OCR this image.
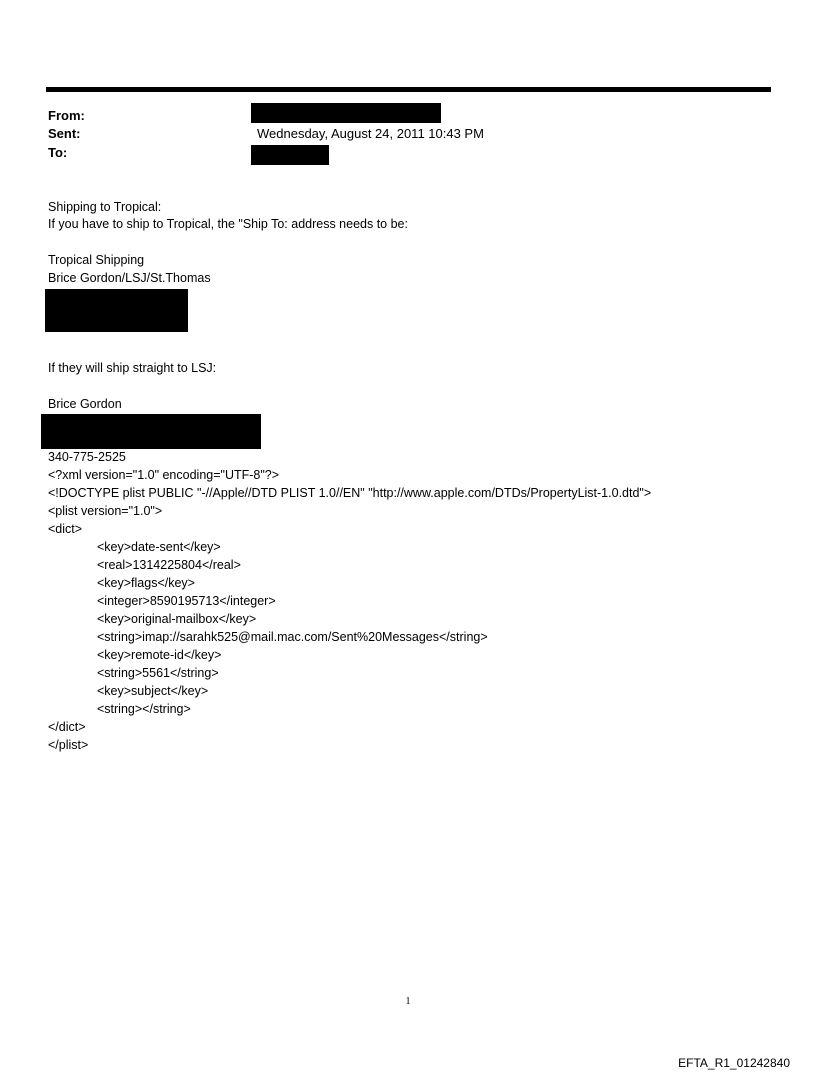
From:
Sent:	Wednesday, August 24, 2011 10:43 PM
To:
Shipping to Tropical:
If you have to ship to Tropical, the "Ship To: address needs to be:
Tropical Shipping
Brice Gordon/LSJ/St.Thomas
If they will ship straight to LSJ:
Brice Gordon
340-775-2525
<?xml version="1.0" encoding="UTF-8"?>
<!DOCTYPE plist PUBLIC "-//Apple//DTD PLIST 1.0//EN" "http://www.apple.com/DTDs/PropertyList-1.0.dtd">
<plist version="1.0">
<dict>
<key>date-sent</key>
<real>1314225804</real>
<key>flags</key>
<integer>8590195713</integer>
<key>original-mailbox</key>
<string>imap://sarahk525@mail.mac.com/Sent%20Messages</string>
<key>remote-id</key>
<string>5561</string>
<key>subject</key>
<string></string>
</dict>
</plist>
1
EFTA_R1_01242840
